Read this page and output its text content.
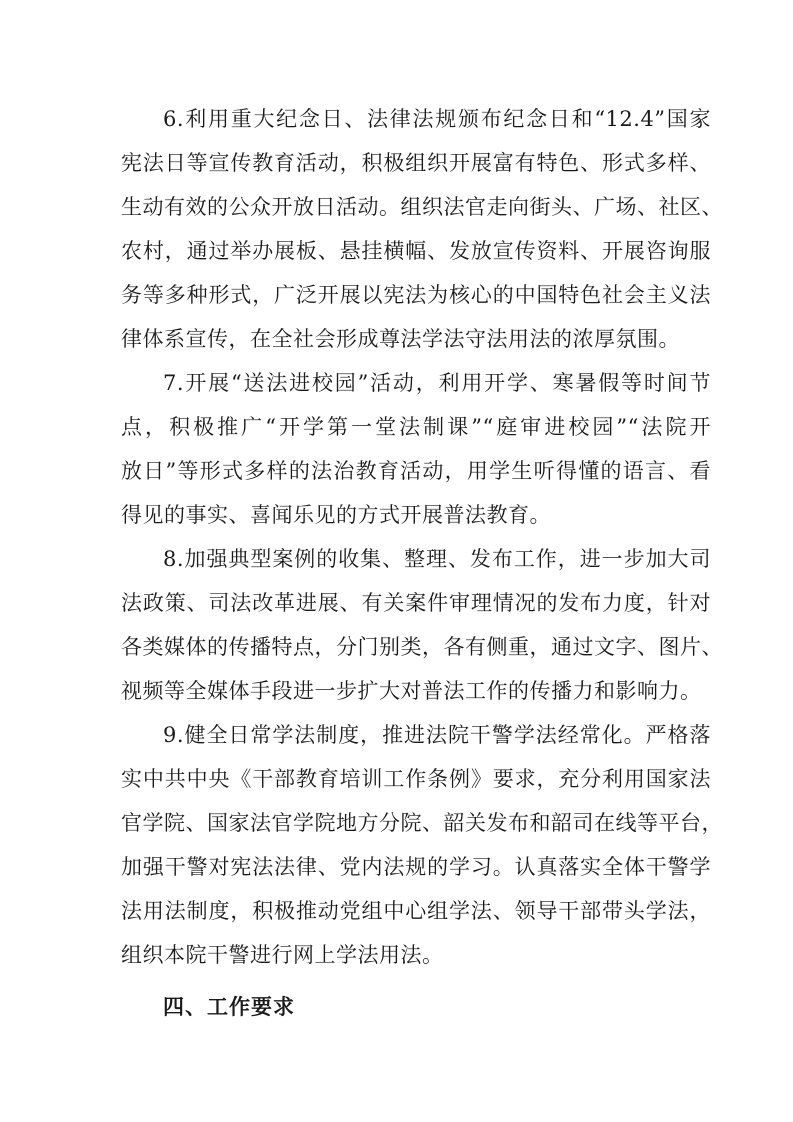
6.利用重大纪念日、法律法规颁布纪念日和“12.4”国家
宪法日等宣传教育活动，积极组织开展富有特色、形式多样、
生动有效的公众开放日活动。组织法官走向街头、广场、社区、
农村，通过举办展板、悬挂横幅、发放宣传资料、开展咨询服
务等多种形式，广泛开展以宪法为核心的中国特色社会主义法
律体系宣传，在全社会形成尊法学法守法用法的浓厚氛围。
7.开展“送法进校园”活动，利用开学、寒暑假等时间节
点，积极推广“开学第一堂法制课”“庭审进校园”“法院开
放日”等形式多样的法治教育活动，用学生听得懂的语言、看
得见的事实、喜闻乐见的方式开展普法教育。
8.加强典型案例的收集、整理、发布工作，进一步加大司
法政策、司法改革进展、有关案件审理情况的发布力度，针对
各类媒体的传播特点，分门别类，各有侧重，通过文字、图片、
视频等全媒体手段进一步扩大对普法工作的传播力和影响力。
9.健全日常学法制度，推进法院干警学法经常化。严格落
实中共中央《干部教育培训工作条例》要求，充分利用国家法
官学院、国家法官学院地方分院、韶关发布和韶司在线等平台，
加强干警对宪法法律、党内法规的学习。认真落实全体干警学
法用法制度，积极推动党组中心组学法、领导干部带头学法，
组织本院干警进行网上学法用法。
四、工作要求
